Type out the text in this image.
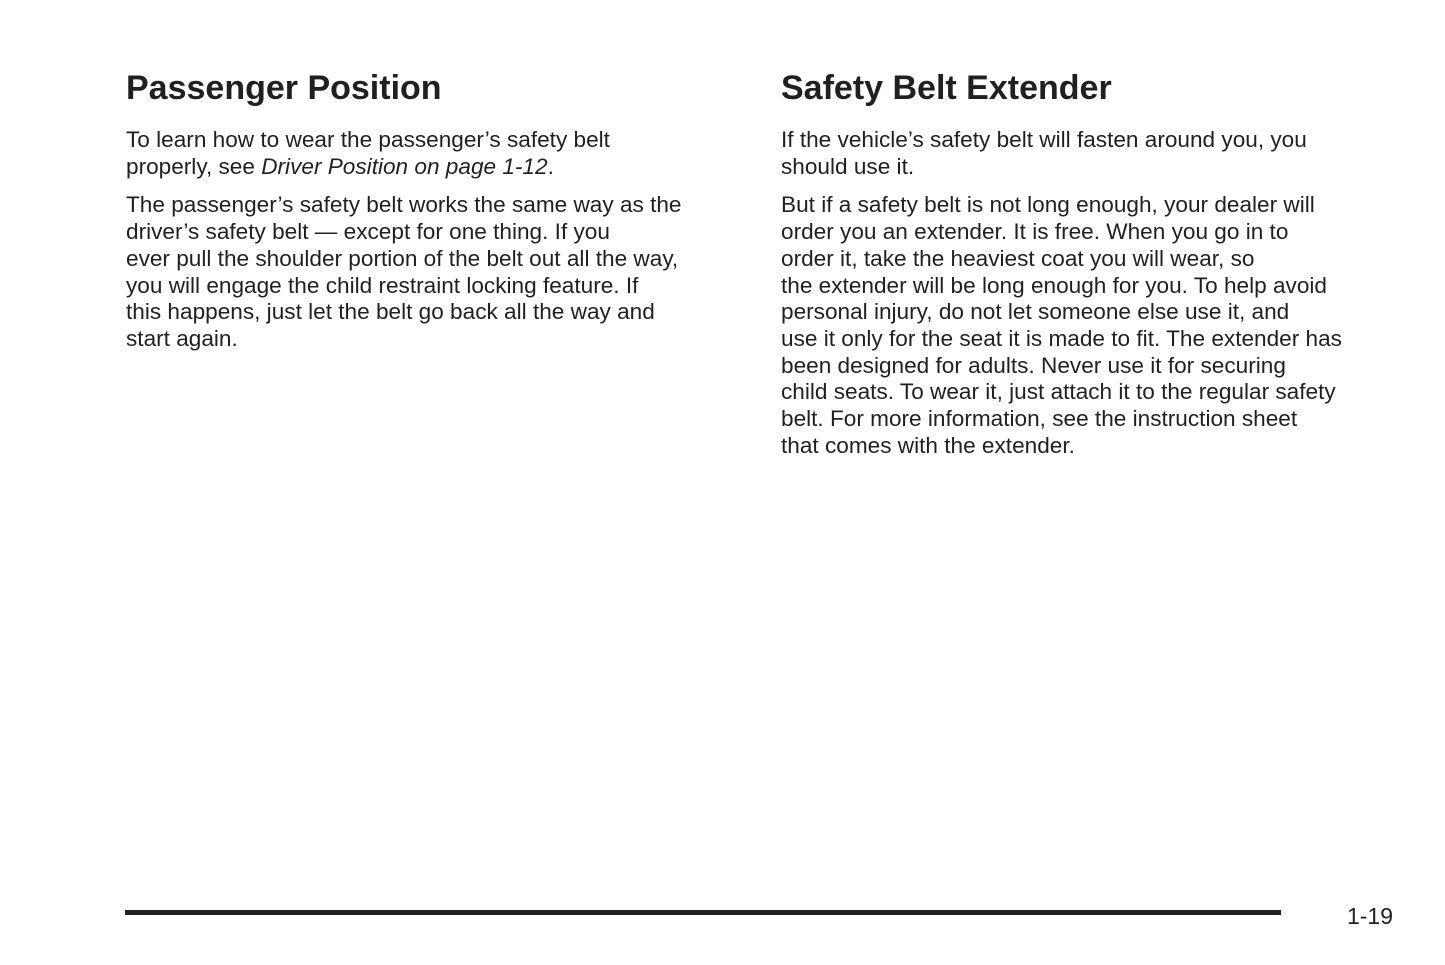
Passenger Position

To learn how to wear the passenger’s safety belt
properly, see Driver Position on page 1-12.

The passenger’s safety belt works the same way as the
driver’s safety belt — except for one thing. If you
ever pull the shoulder portion of the belt out all the way,
you will engage the child restraint locking feature. If
this happens, just let the belt go back all the way and
start again.

Safety Belt Extender

If the vehicle’s safety belt will fasten around you, you
should use it.

But if a safety belt is not long enough, your dealer will
order you an extender. It is free. When you go in to
order it, take the heaviest coat you will wear, so
the extender will be long enough for you. To help avoid
personal injury, do not let someone else use it, and
use it only for the seat it is made to fit. The extender has
been designed for adults. Never use it for securing
child seats. To wear it, just attach it to the regular safety
belt. For more information, see the instruction sheet
that comes with the extender.

1-19
